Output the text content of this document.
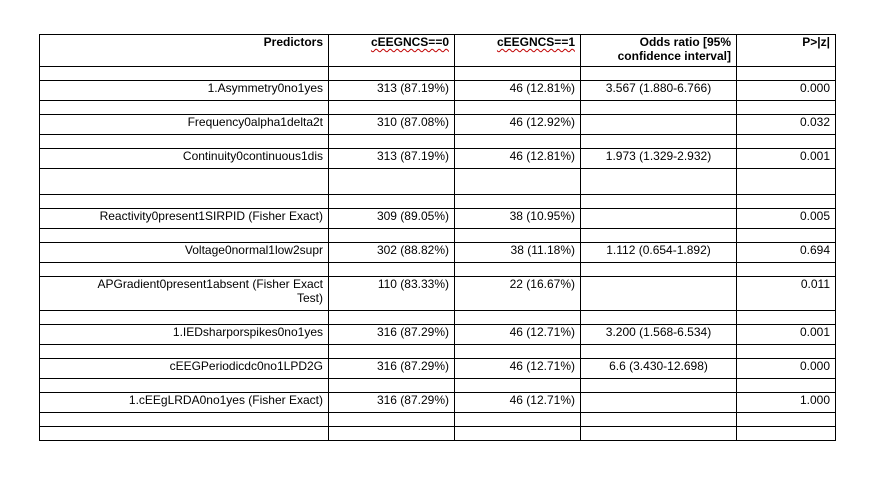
Predictors	cEEGNCS==0	cEEGNCS==1	Odds ratio [95%
confidence interval]	P>|z|

1.Asymmetry0no1yes	313 (87.19%)	46 (12.81%)	3.567 (1.880-6.766)	0.000

Frequency0alpha1delta2t	310 (87.08%)	46 (12.92%)		0.032

Continuity0continuous1dis	313 (87.19%)	46 (12.81%)	1.973 (1.329-2.932)	0.001

Reactivity0present1SIRPID (Fisher Exact)	309 (89.05%)	38 (10.95%)		0.005

Voltage0normal1low2supr	302 (88.82%)	38 (11.18%)	1.112 (0.654-1.892)	0.694

APGradient0present1absent (Fisher Exact
Test)	110 (83.33%)	22 (16.67%)		0.011

1.IEDsharporspikes0no1yes	316 (87.29%)	46 (12.71%)	3.200 (1.568-6.534)	0.001

cEEGPeriodicdc0no1LPD2G	316 (87.29%)	46 (12.71%)	6.6 (3.430-12.698)	0.000

1.cEEgLRDA0no1yes (Fisher Exact)	316 (87.29%)	46 (12.71%)		1.000
